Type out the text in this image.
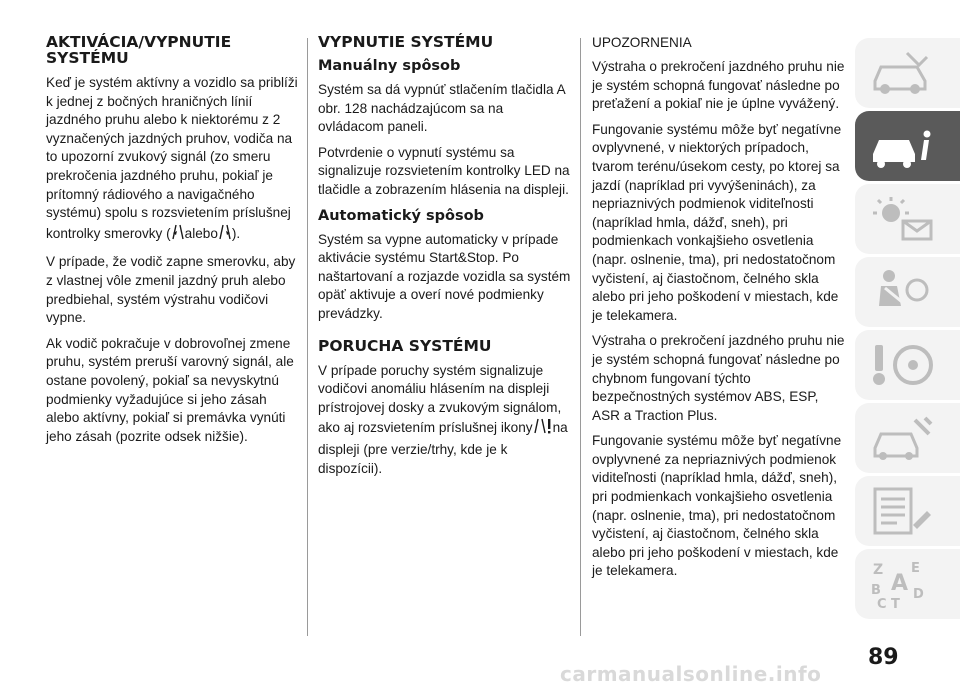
AKTIVÁCIA/VYPNUTIE SYSTÉMU

Keď je systém aktívny a vozidlo sa priblíži k jednej z bočných hraničných línií jazdného pruhu alebo k niektorému z 2 vyznačených jazdných pruhov, vodiča na to upozorní zvukový signál (zo smeru prekročenia jazdného pruhu, pokiaľ je prítomný rádiového a navigačného systému) spolu s rozsvietením príslušnej kontrolky smerovky ( alebo ).

V prípade, že vodič zapne smerovku, aby z vlastnej vôle zmenil jazdný pruh alebo predbiehal, systém výstrahu vodičovi vypne.

Ak vodič pokračuje v dobrovoľnej zmene pruhu, systém preruší varovný signál, ale ostane povolený, pokiaľ sa nevyskytnú podmienky vyžadujúce si jeho zásah alebo aktívny, pokiaľ si premávka vynúti jeho zásah (pozrite odsek nižšie).

VYPNUTIE SYSTÉMU
Manuálny spôsob

Systém sa dá vypnúť stlačením tlačidla A obr. 128 nachádzajúcom sa na ovládacom paneli.

Potvrdenie o vypnutí systému sa signalizuje rozsvietením kontrolky LED na tlačidle a zobrazením hlásenia na displeji.

Automatický spôsob

Systém sa vypne automaticky v prípade aktivácie systému Start&Stop. Po naštartovaní a rozjazde vozidla sa systém opäť aktivuje a overí nové podmienky prevádzky.

PORUCHA SYSTÉMU

V prípade poruchy systém signalizuje vodičovi anomáliu hlásením na displeji prístrojovej dosky a zvukovým signálom, ako aj rozsvietením príslušnej ikony na displeji (pre verzie/trhy, kde je k dispozícii).

UPOZORNENIA

Výstraha o prekročení jazdného pruhu nie je systém schopná fungovať následne po preťažení a pokiaľ nie je úplne vyvážený.

Fungovanie systému môže byť negatívne ovplyvnené, v niektorých prípadoch, tvarom terénu/úsekom cesty, po ktorej sa jazdí (napríklad pri vyvýšeninách), za nepriaznivých podmienok viditeľnosti (napríklad hmla, dážď, sneh), pri podmienkach vonkajšieho osvetlenia (napr. oslnenie, tma), pri nedostatočnom vyčistení, aj čiastočnom, čelného skla alebo pri jeho poškodení v miestach, kde je telekamera.

Výstraha o prekročení jazdného pruhu nie je systém schopná fungovať následne po chybnom fungovaní týchto bezpečnostných systémov ABS, ESP, ASR a Traction Plus.

Fungovanie systému môže byť negatívne ovplyvnené za nepriaznivých podmienok viditeľnosti (napríklad hmla, dážď, sneh), pri podmienkach vonkajšieho osvetlenia (napr. oslnenie, tma), pri nedostatočnom vyčistení, aj čiastočnom, čelného skla alebo pri jeho poškodení v miestach, kde je telekamera.	Z E
A
B
C T
D
89
carmanualsonline.info
